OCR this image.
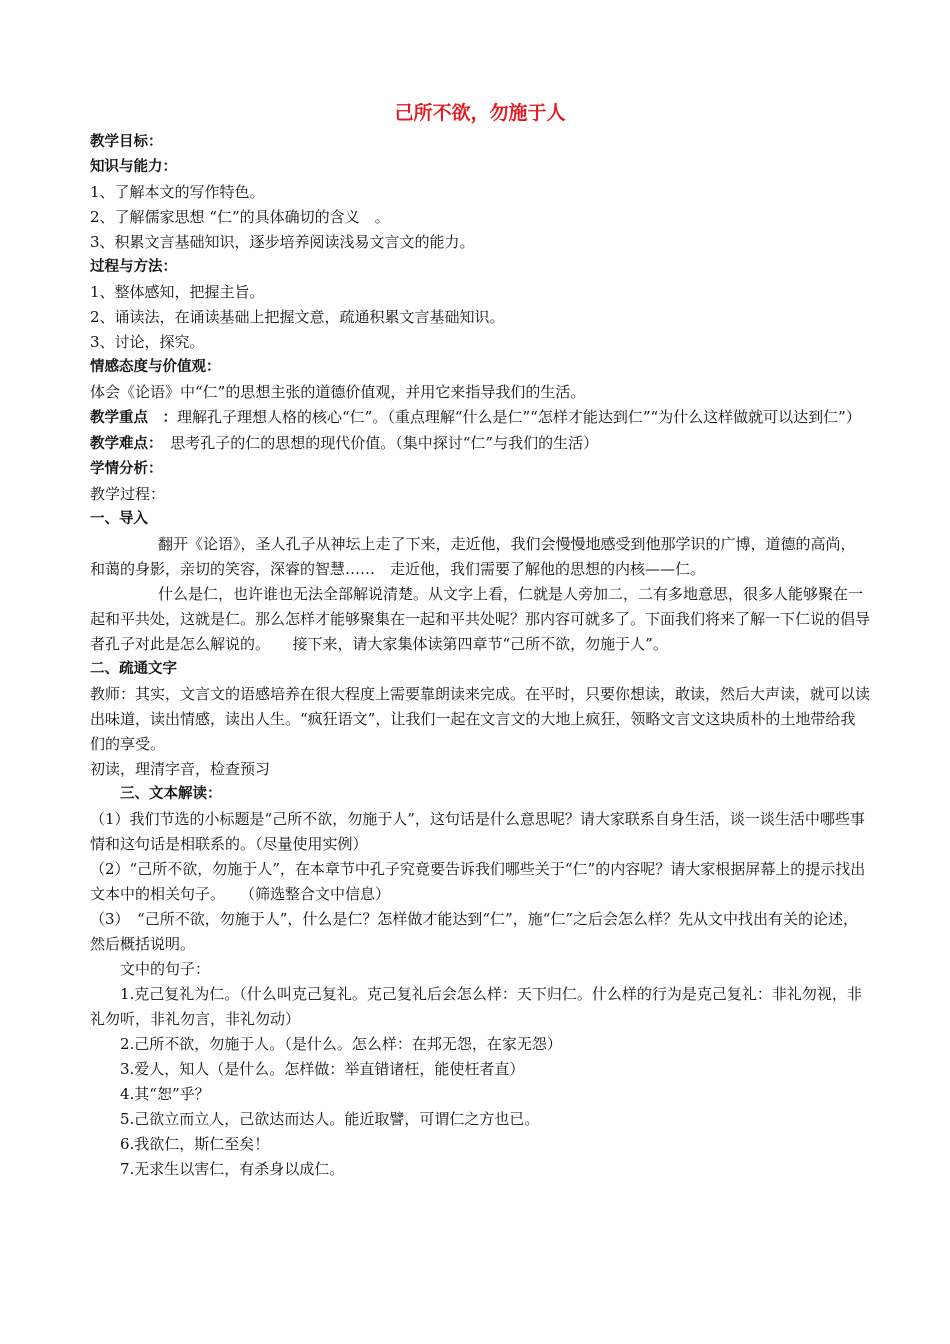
己所不欲，勿施于人

教学目标：

知识与能力：

1、了解本文的写作特色。

2、了解儒家思想 “仁”的具体确切的含义　。

3、积累文言基础知识，逐步培养阅读浅易文言文的能力。

过程与方法：

1、整体感知，把握主旨。

2、诵读法，在诵读基础上把握文意，疏通积累文言基础知识。

3、讨论，探究。

情感态度与价值观：

体会《论语》中“仁”的思想主张的道德价值观，并用它来指导我们的生活。

教学重点　：理解孔子理想人格的核心“仁”。（重点理解“什么是仁”“怎样才能达到仁”“为什么这样做就可以达到仁”）

教学难点：　思考孔子的仁的思想的现代价值。（集中探讨“仁”与我们的生活）

学情分析：

教学过程：

一、导入

翻开《论语》，圣人孔子从神坛上走了下来，走近他，我们会慢慢地感受到他那学识的广博，道德的高尚，和蔼的身影，亲切的笑容，深睿的智慧……　走近他，我们需要了解他的思想的内核——仁。

什么是仁，也许谁也无法全部解说清楚。从文字上看，仁就是人旁加二，二有多地意思，很多人能够聚在一起和平共处，这就是仁。那么怎样才能够聚集在一起和平共处呢？那内容可就多了。下面我们将来了解一下仁说的倡导者孔子对此是怎么解说的。　　接下来，请大家集体读第四章节“己所不欲，勿施于人”。

二、疏通文字

教师：其实，文言文的语感培养在很大程度上需要靠朗读来完成。在平时，只要你想读，敢读，然后大声读，就可以读出味道，读出情感，读出人生。“疯狂语文”，让我们一起在文言文的大地上疯狂，领略文言文这块质朴的土地带给我们的享受。

初读，理清字音，检查预习

三、文本解读：

（1）我们节选的小标题是“己所不欲，勿施于人”，这句话是什么意思呢？请大家联系自身生活，谈一谈生活中哪些事情和这句话是相联系的。（尽量使用实例）

（2）“己所不欲，勿施于人”，在本章节中孔子究竟要告诉我们哪些关于“仁”的内容呢？请大家根据屏幕上的提示找出文本中的相关句子。　　（筛选整合文中信息）

（3）　“己所不欲，勿施于人”，什么是仁？怎样做才能达到“仁”，施“仁”之后会怎么样？先从文中找出有关的论述，然后概括说明。

文中的句子：

1.克己复礼为仁。（什么叫克己复礼。克己复礼后会怎么样：天下归仁。什么样的行为是克己复礼：非礼勿视，非礼勿听，非礼勿言，非礼勿动）

2.己所不欲，勿施于人。（是什么。怎么样：在邦无怨，在家无怨）

3.爱人，知人（是什么。怎样做：举直错诸枉，能使枉者直）

4.其“恕”乎？

5.己欲立而立人，己欲达而达人。能近取譬，可谓仁之方也已。

6.我欲仁，斯仁至矣！

7.无求生以害仁，有杀身以成仁。
